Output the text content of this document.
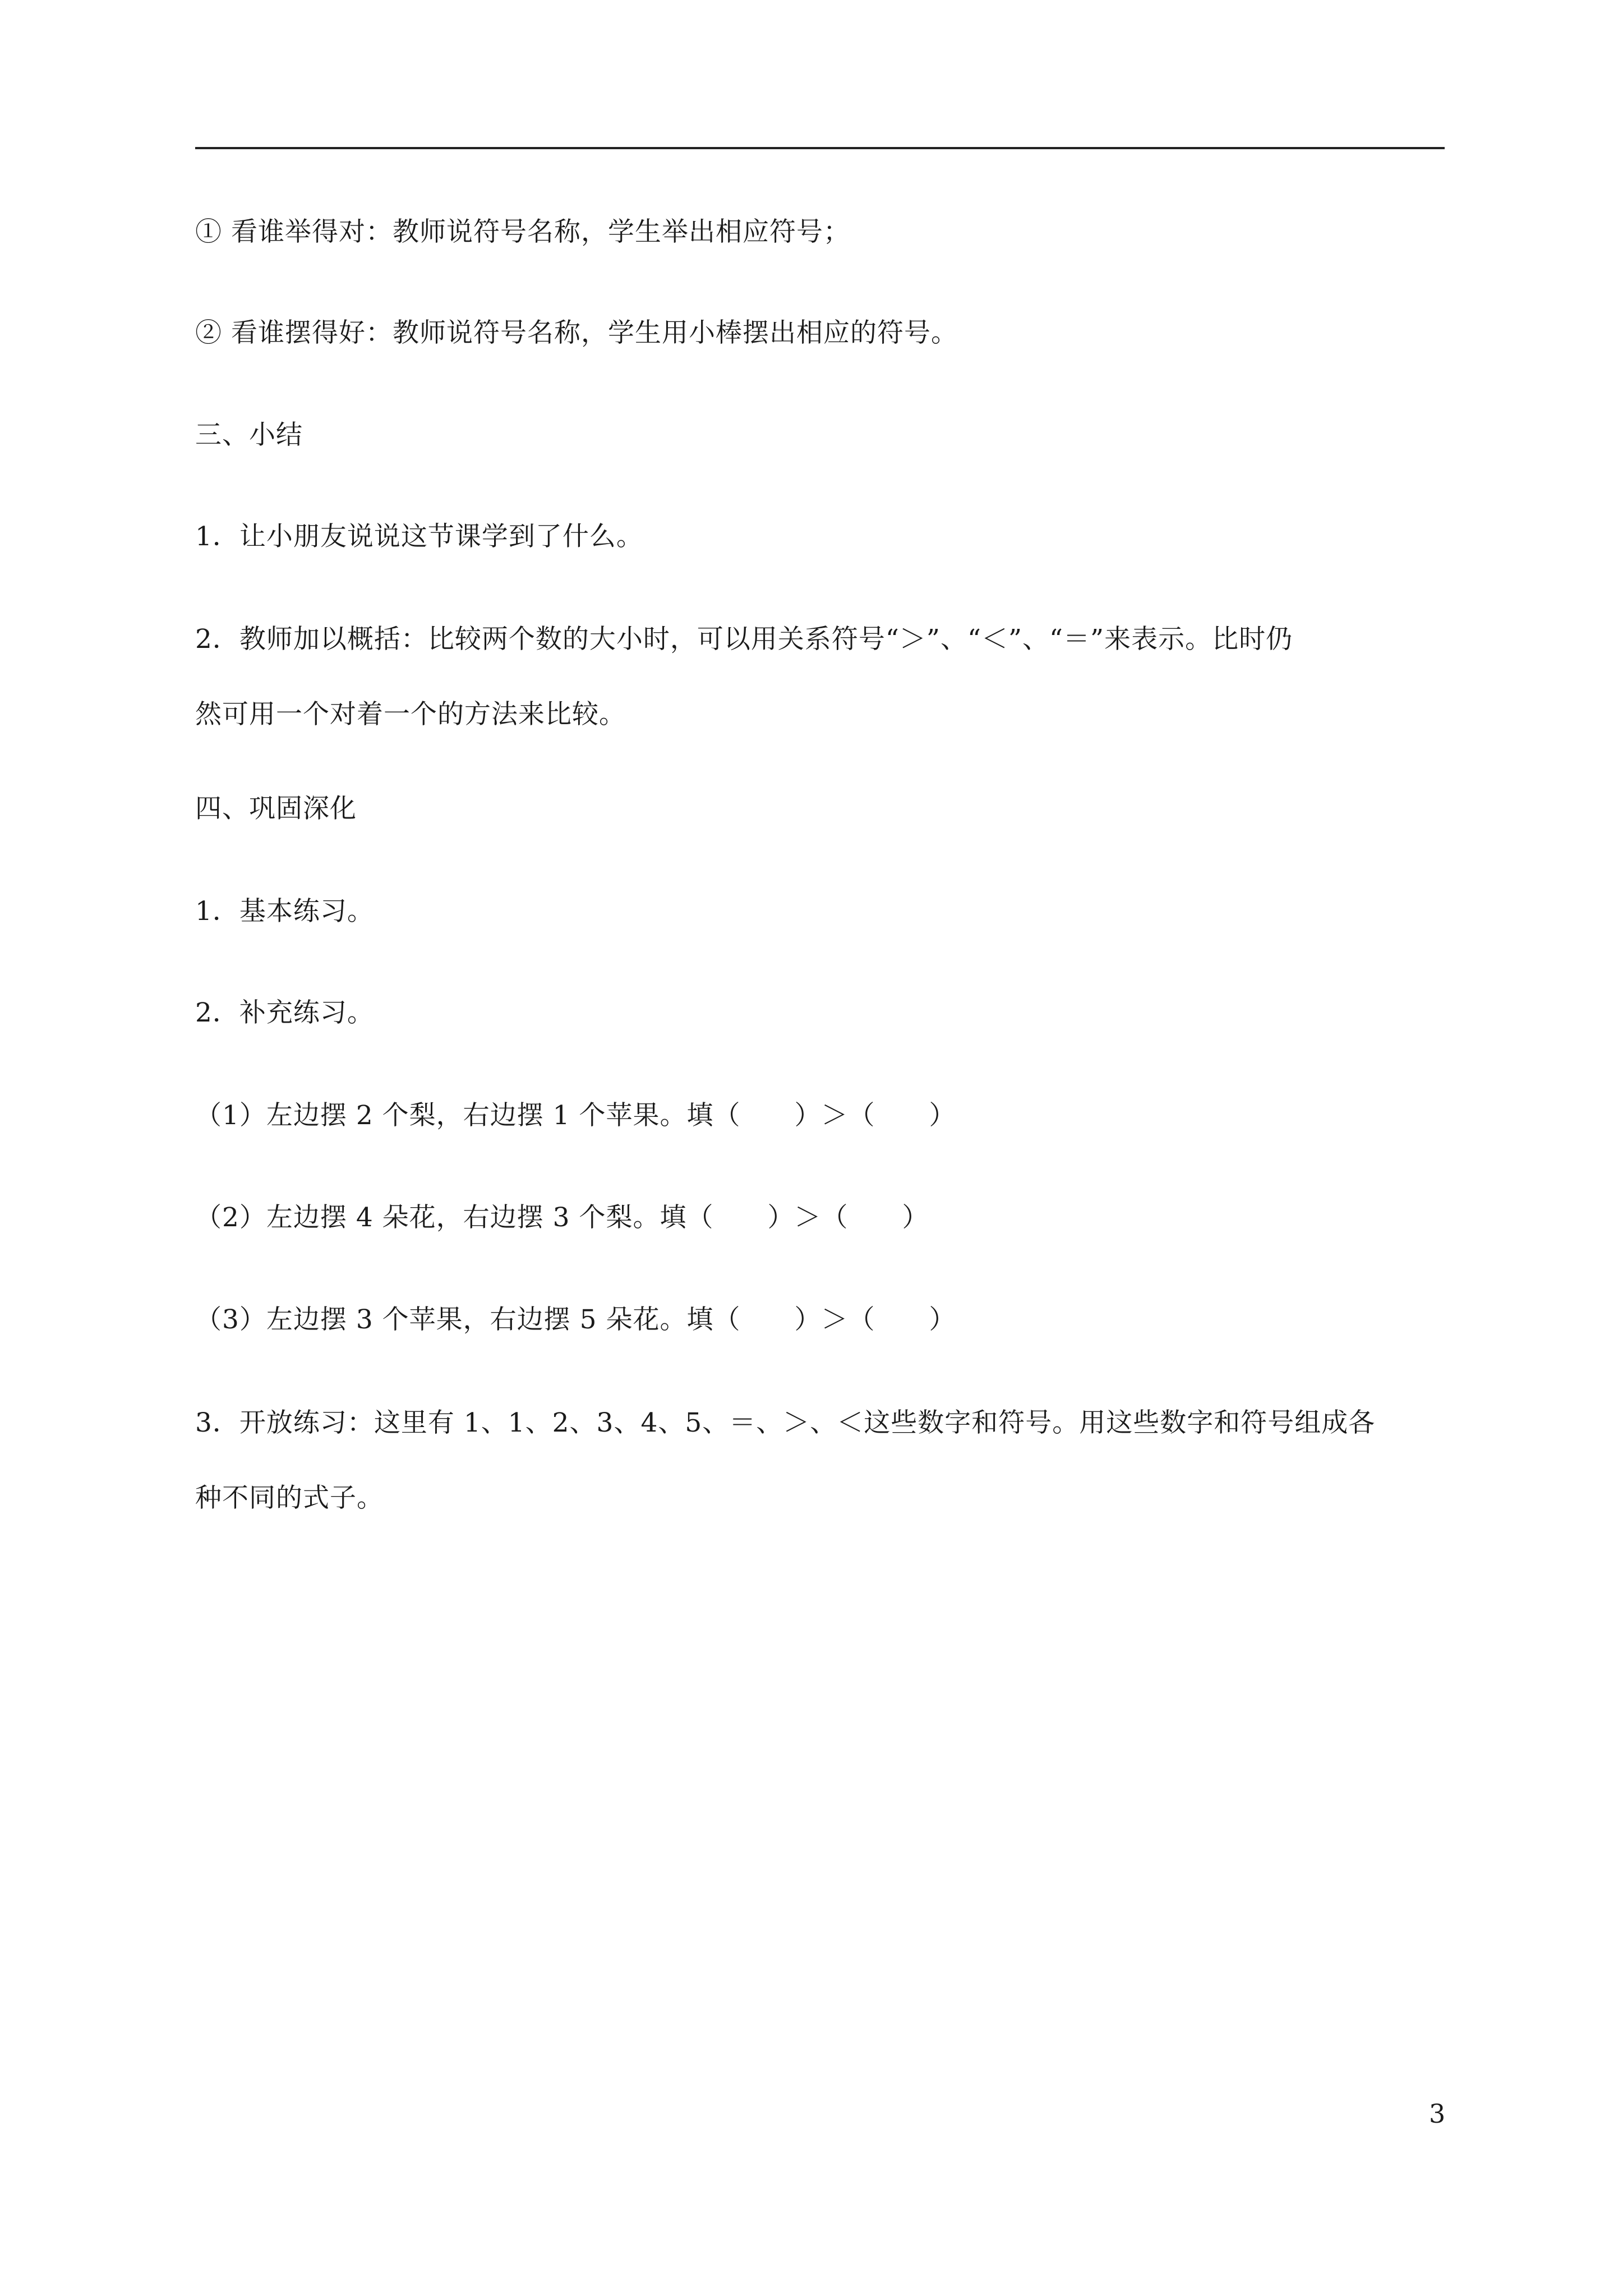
① 看谁举得对：教师说符号名称，学生举出相应符号；
② 看谁摆得好：教师说符号名称，学生用小棒摆出相应的符号。
三、小结
1．让小朋友说说这节课学到了什么。
2．教师加以概括：比较两个数的大小时，可以用关系符号“＞”、“＜”、“＝”来表示。比时仍
然可用一个对着一个的方法来比较。
四、巩固深化
1．基本练习。
2．补充练习。
（1）左边摆 2 个梨，右边摆 1 个苹果。填（　　）＞（　　）
（2）左边摆 4 朵花，右边摆 3 个梨。填（　　）＞（　　）
（3）左边摆 3 个苹果，右边摆 5 朵花。填（　　）＞（　　）
3．开放练习：这里有 1、1、2、3、4、5、＝、＞、＜这些数字和符号。用这些数字和符号组成各
种不同的式子。
3
